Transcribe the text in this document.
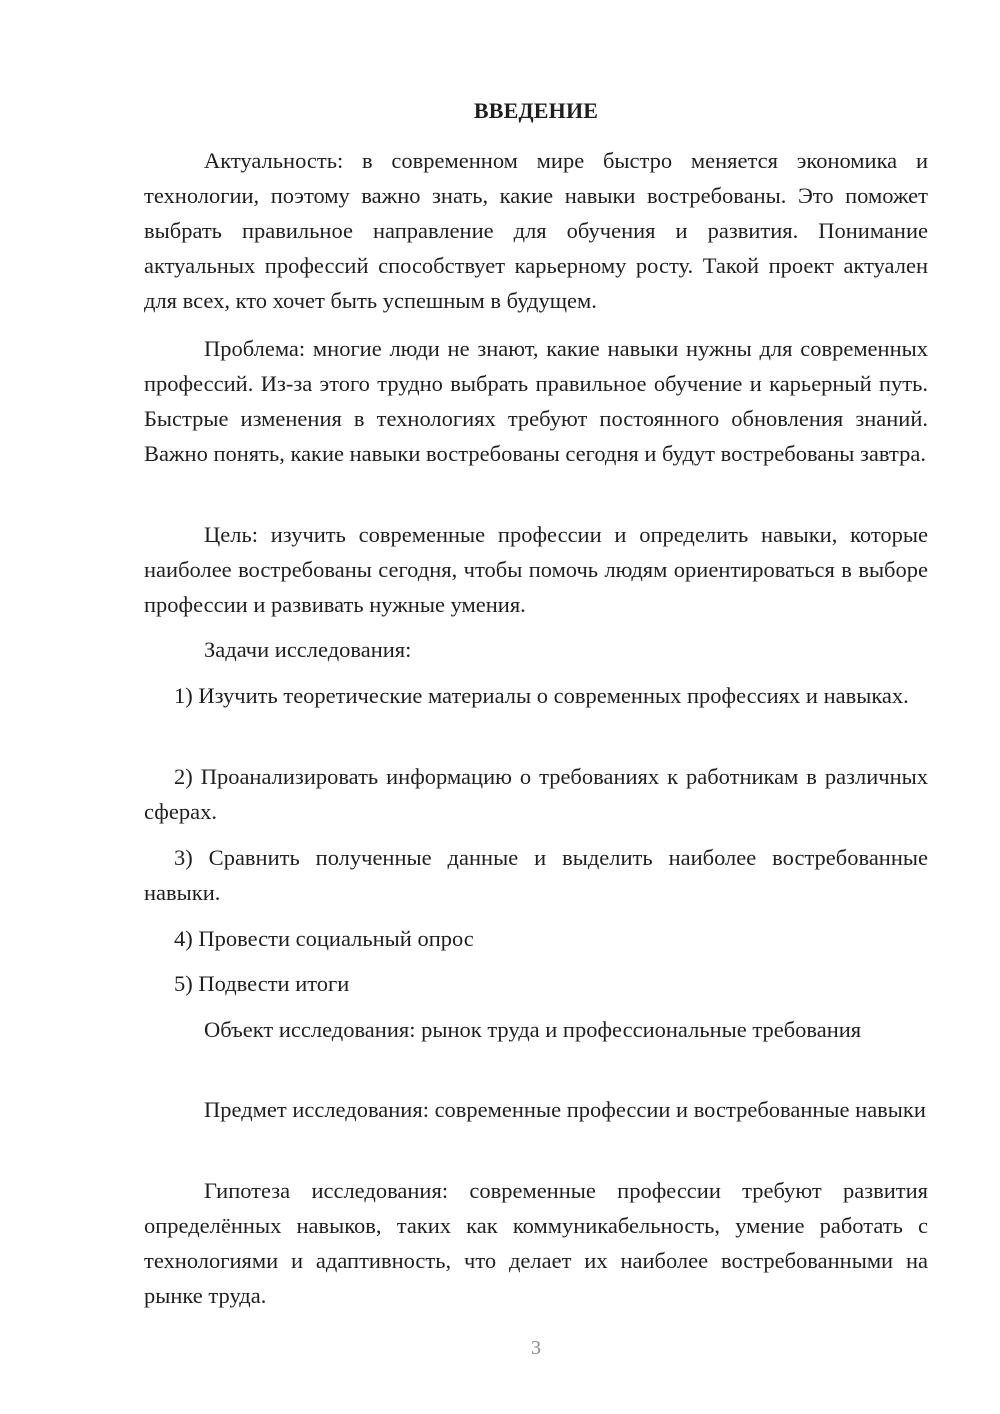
ВВЕДЕНИЕ

Актуальность: в современном мире быстро меняется экономика и технологии, поэтому важно знать, какие навыки востребованы. Это поможет выбрать правильное направление для обучения и развития. Понимание актуальных профессий способствует карьерному росту. Такой проект актуален для всех, кто хочет быть успешным в будущем.

Проблема: многие люди не знают, какие навыки нужны для современных профессий. Из-за этого трудно выбрать правильное обучение и карьерный путь. Быстрые изменения в технологиях требуют постоянного обновления знаний. Важно понять, какие навыки востребованы сегодня и будут востребованы завтра.

Цель: изучить современные профессии и определить навыки, которые наиболее востребованы сегодня, чтобы помочь людям ориентироваться в выборе профессии и развивать нужные умения.

Задачи исследования:

1) Изучить теоретические материалы о современных профессиях и навыках.

2) Проанализировать информацию о требованиях к работникам в различных сферах.

3) Сравнить полученные данные и выделить наиболее востребованные навыки.

4) Провести социальный опрос

5) Подвести итоги

Объект исследования: рынок труда и профессиональные требования

Предмет исследования: современные профессии и востребованные навыки

Гипотеза исследования: современные профессии требуют развития определённых навыков, таких как коммуникабельность, умение работать с технологиями и адаптивность, что делает их наиболее востребованными на рынке труда.

3
